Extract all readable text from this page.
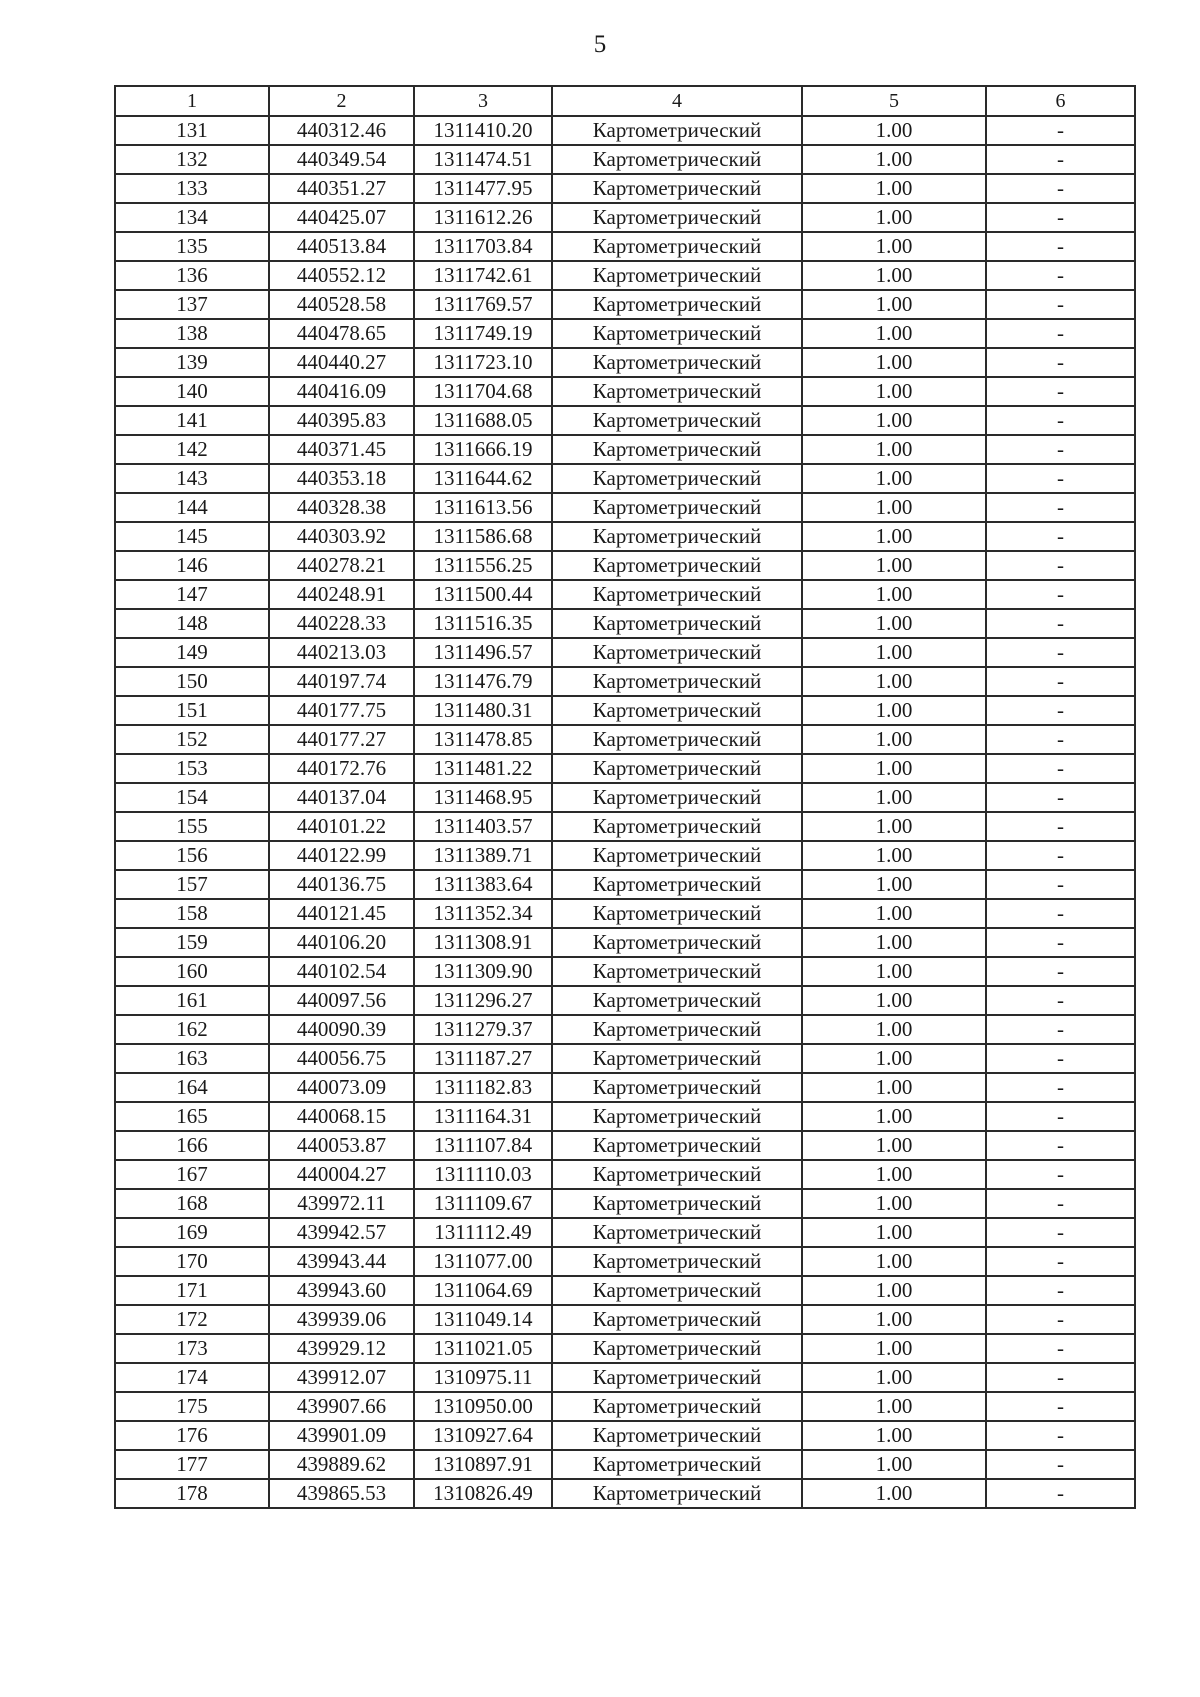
5
1	2	3	4	5	6
131	440312.46	1311410.20	Картометрический	1.00	-
132	440349.54	1311474.51	Картометрический	1.00	-
133	440351.27	1311477.95	Картометрический	1.00	-
134	440425.07	1311612.26	Картометрический	1.00	-
135	440513.84	1311703.84	Картометрический	1.00	-
136	440552.12	1311742.61	Картометрический	1.00	-
137	440528.58	1311769.57	Картометрический	1.00	-
138	440478.65	1311749.19	Картометрический	1.00	-
139	440440.27	1311723.10	Картометрический	1.00	-
140	440416.09	1311704.68	Картометрический	1.00	-
141	440395.83	1311688.05	Картометрический	1.00	-
142	440371.45	1311666.19	Картометрический	1.00	-
143	440353.18	1311644.62	Картометрический	1.00	-
144	440328.38	1311613.56	Картометрический	1.00	-
145	440303.92	1311586.68	Картометрический	1.00	-
146	440278.21	1311556.25	Картометрический	1.00	-
147	440248.91	1311500.44	Картометрический	1.00	-
148	440228.33	1311516.35	Картометрический	1.00	-
149	440213.03	1311496.57	Картометрический	1.00	-
150	440197.74	1311476.79	Картометрический	1.00	-
151	440177.75	1311480.31	Картометрический	1.00	-
152	440177.27	1311478.85	Картометрический	1.00	-
153	440172.76	1311481.22	Картометрический	1.00	-
154	440137.04	1311468.95	Картометрический	1.00	-
155	440101.22	1311403.57	Картометрический	1.00	-
156	440122.99	1311389.71	Картометрический	1.00	-
157	440136.75	1311383.64	Картометрический	1.00	-
158	440121.45	1311352.34	Картометрический	1.00	-
159	440106.20	1311308.91	Картометрический	1.00	-
160	440102.54	1311309.90	Картометрический	1.00	-
161	440097.56	1311296.27	Картометрический	1.00	-
162	440090.39	1311279.37	Картометрический	1.00	-
163	440056.75	1311187.27	Картометрический	1.00	-
164	440073.09	1311182.83	Картометрический	1.00	-
165	440068.15	1311164.31	Картометрический	1.00	-
166	440053.87	1311107.84	Картометрический	1.00	-
167	440004.27	1311110.03	Картометрический	1.00	-
168	439972.11	1311109.67	Картометрический	1.00	-
169	439942.57	1311112.49	Картометрический	1.00	-
170	439943.44	1311077.00	Картометрический	1.00	-
171	439943.60	1311064.69	Картометрический	1.00	-
172	439939.06	1311049.14	Картометрический	1.00	-
173	439929.12	1311021.05	Картометрический	1.00	-
174	439912.07	1310975.11	Картометрический	1.00	-
175	439907.66	1310950.00	Картометрический	1.00	-
176	439901.09	1310927.64	Картометрический	1.00	-
177	439889.62	1310897.91	Картометрический	1.00	-
178	439865.53	1310826.49	Картометрический	1.00	-
